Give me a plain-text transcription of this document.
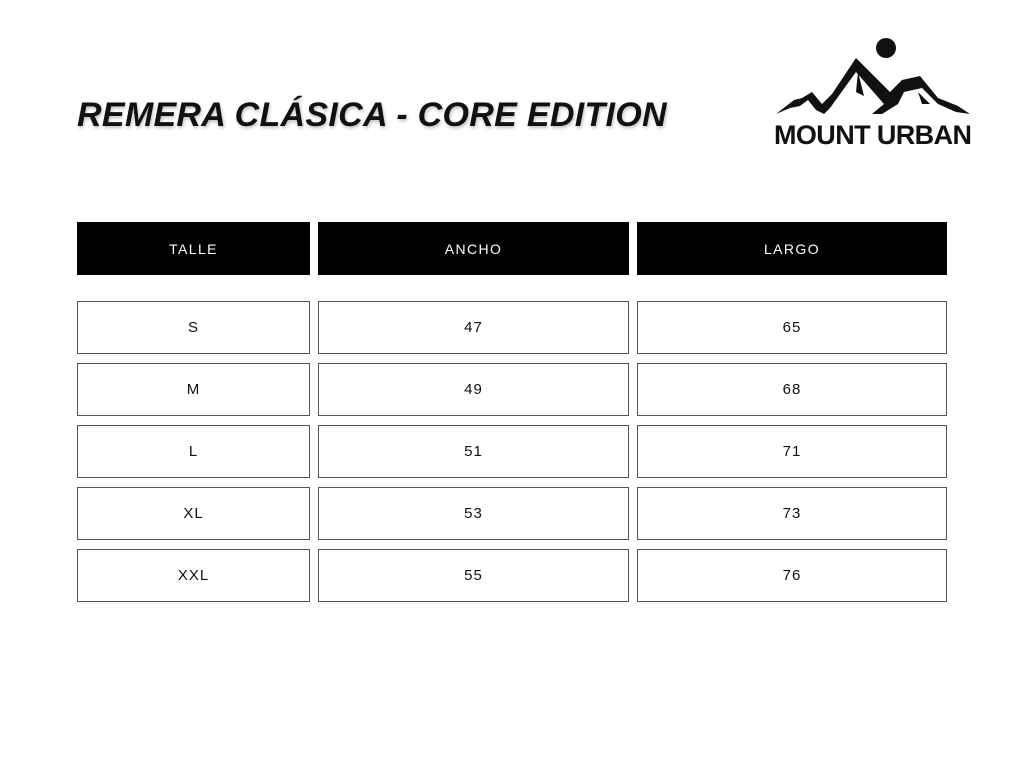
REMERA CLÁSICA - CORE EDITION
MOUNT URBAN
TALLE	ANCHO	LARGO
S	47	65
M	49	68
L	51	71
XL	53	73
XXL	55	76
